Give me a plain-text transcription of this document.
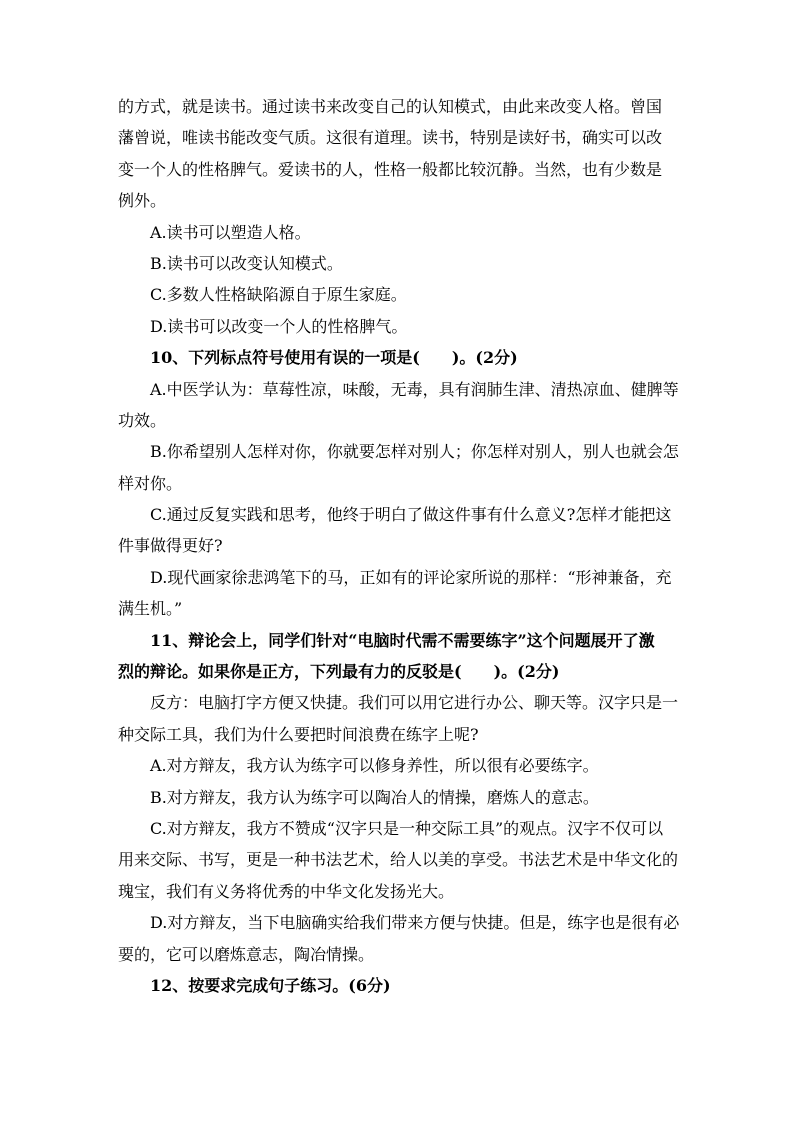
的方式，就是读书。通过读书来改变自己的认知模式，由此来改变人格。曾国
藩曾说，唯读书能改变气质。这很有道理。读书，特别是读好书，确实可以改
变一个人的性格脾气。爱读书的人，性格一般都比较沉静。当然，也有少数是
例外。
A.读书可以塑造人格。
B.读书可以改变认知模式。
C.多数人性格缺陷源自于原生家庭。
D.读书可以改变一个人的性格脾气。
10、下列标点符号使用有误的一项是(　　)。(2分)
A.中医学认为：草莓性凉，味酸，无毒，具有润肺生津、清热凉血、健脾等
功效。
B.你希望别人怎样对你，你就要怎样对别人；你怎样对别人，别人也就会怎
样对你。
C.通过反复实践和思考，他终于明白了做这件事有什么意义?怎样才能把这
件事做得更好?
D.现代画家徐悲鸿笔下的马，正如有的评论家所说的那样：“形神兼备，充
满生机。”
11、辩论会上，同学们针对“电脑时代需不需要练字”这个问题展开了激
烈的辩论。如果你是正方，下列最有力的反驳是(　　)。(2分)
反方：电脑打字方便又快捷。我们可以用它进行办公、聊天等。汉字只是一
种交际工具，我们为什么要把时间浪费在练字上呢?
A.对方辩友，我方认为练字可以修身养性，所以很有必要练字。
B.对方辩友，我方认为练字可以陶冶人的情操，磨炼人的意志。
C.对方辩友，我方不赞成“汉字只是一种交际工具”的观点。汉字不仅可以
用来交际、书写，更是一种书法艺术，给人以美的享受。书法艺术是中华文化的
瑰宝，我们有义务将优秀的中华文化发扬光大。
D.对方辩友，当下电脑确实给我们带来方便与快捷。但是，练字也是很有必
要的，它可以磨炼意志，陶冶情操。
12、按要求完成句子练习。(6分)
